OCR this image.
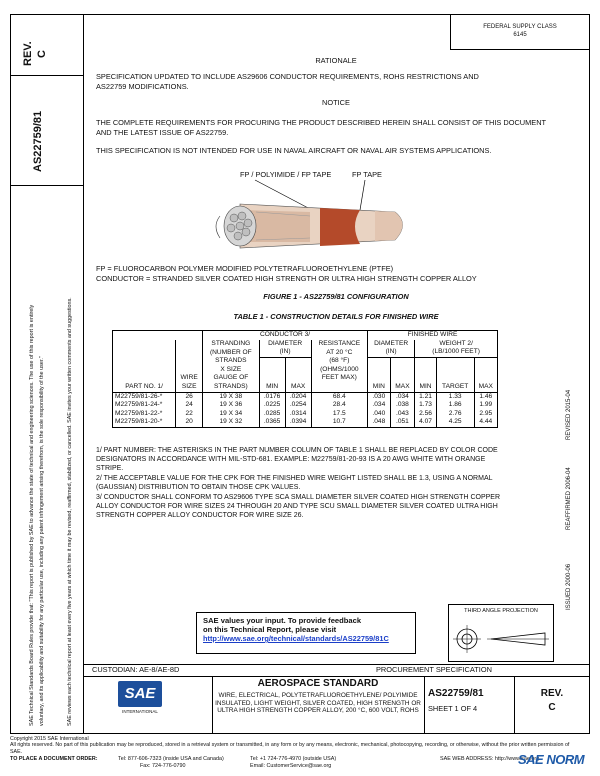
REV. C
AS22759/81
SAE Technical Standards Board Rules provide that: "This report is published by SAE to advance the state of technical and engineering sciences. The use of this report is entirely voluntary, and its applicability and suitability for any particular use, including any patent infringement arising therefrom, is the sole responsibility of the user."	SAE reviews each technical report at least every five years at which time it may be revised, reaffirmed, stabilized, or cancelled. SAE invites your written comments and suggestions.
FEDERAL SUPPLY CLASS
6145
RATIONALE
SPECIFICATION UPDATED TO INCLUDE AS29606 CONDUCTOR REQUIREMENTS, ROHS RESTRICTIONS AND AS22759 MODIFICATIONS.
NOTICE
THE COMPLETE REQUIREMENTS FOR PROCURING THE PRODUCT DESCRIBED HEREIN SHALL CONSIST OF THIS DOCUMENT AND THE LATEST ISSUE OF AS22759.
THIS SPECIFICATION IS NOT INTENDED FOR USE IN NAVAL AIRCRAFT OR NAVAL AIR SYSTEMS APPLICATIONS.
FP / POLYIMIDE / FP TAPE	FP TAPE
FP = FLUOROCARBON POLYMER MODIFIED POLYTETRAFLUOROETHYLENE (PTFE)
CONDUCTOR = STRANDED SILVER COATED HIGH STRENGTH OR ULTRA HIGH STRENGTH COPPER ALLOY
FIGURE 1 - AS22759/81 CONFIGURATION
TABLE 1 - CONSTRUCTION DETAILS FOR FINISHED WIRE
		CONDUCTOR 3/				FINISHED WIRE				
		STRANDING	DIAMETER		RESISTANCE	DIAMETER		WEIGHT 2/		
		(NUMBER OF	(IN)		AT 20 °C	(IN)		(LB/1000 FEET)		
		STRANDS			(68 °F)					
		X SIZE			(OHMS/1000					
	WIRE	GAUGE OF			FEET MAX)					
PART NO. 1/	SIZE	STRANDS)	MIN	MAX		MIN	MAX	MIN	TARGET	MAX
M22759/81-26-*	26	19 X 38	.0176	.0204	68.4	.030	.034	1.21	1.33	1.46
M22759/81-24-*	24	19 X 36	.0225	.0254	28.4	.034	.038	1.73	1.86	1.99
M22759/81-22-*	22	19 X 34	.0285	.0314	17.5	.040	.043	2.56	2.76	2.95
M22759/81-20-*	20	19 X 32	.0365	.0394	10.7	.048	.051	4.07	4.25	4.44
1/ PART NUMBER: THE ASTERISKS IN THE PART NUMBER COLUMN OF TABLE 1 SHALL BE REPLACED BY COLOR CODE DESIGNATORS IN ACCORDANCE WITH MIL-STD-681. EXAMPLE: M22759/81-20-93 IS A 20 AWG WHITE WITH ORANGE STRIPE.
2/ THE ACCEPTABLE VALUE FOR THE CPK FOR THE FINISHED WIRE WEIGHT LISTED SHALL BE 1.3, USING A NORMAL (GAUSSIAN) DISTRIBUTION TO OBTAIN THOSE CPK VALUES.
3/ CONDUCTOR SHALL CONFORM TO AS29606 TYPE SCA SMALL DIAMETER SILVER COATED HIGH STRENGTH COPPER ALLOY CONDUCTOR FOR WIRE SIZES 24 THROUGH 20 AND TYPE SCU SMALL DIAMETER SILVER COATED ULTRA HIGH STRENGTH COPPER ALLOY CONDUCTOR FOR WIRE SIZE 26.
REVISED 2015-04
REAFFIRMED 2006-04
ISSUED 2000-06
THIRD ANGLE PROJECTION
SAE values your input. To provide feedback
on this Technical Report, please visit
http://www.sae.org/technical/standards/AS22759/81C
CUSTODIAN: AE-8/AE-8D	PROCUREMENT SPECIFICATION
SAE
INTERNATIONAL
AEROSPACE STANDARD
WIRE, ELECTRICAL, POLYTETRAFLUOROETHYLENE/ POLYIMIDE INSULATED, LIGHT WEIGHT, SILVER COATED, HIGH STRENGTH OR ULTRA HIGH STRENGTH COPPER ALLOY, 200 °C, 600 VOLT, ROHS
AS22759/81
SHEET 1 OF 4
REV.
C
Copyright 2015 SAE International
All rights reserved. No part of this publication may be reproduced, stored in a retrieval system or transmitted, in any form or by any means, electronic, mechanical, photocopying, recording, or otherwise, without the prior written permission of SAE.
TO PLACE A DOCUMENT ORDER:	Tel: 877-606-7323 (inside USA and Canada)	Tel: +1 724-776-4970 (outside USA)
Fax: 724-776-0790	Email: CustomerService@sae.org
SAE WEB ADDRESS: http://www.sae.org
SAE NORM
